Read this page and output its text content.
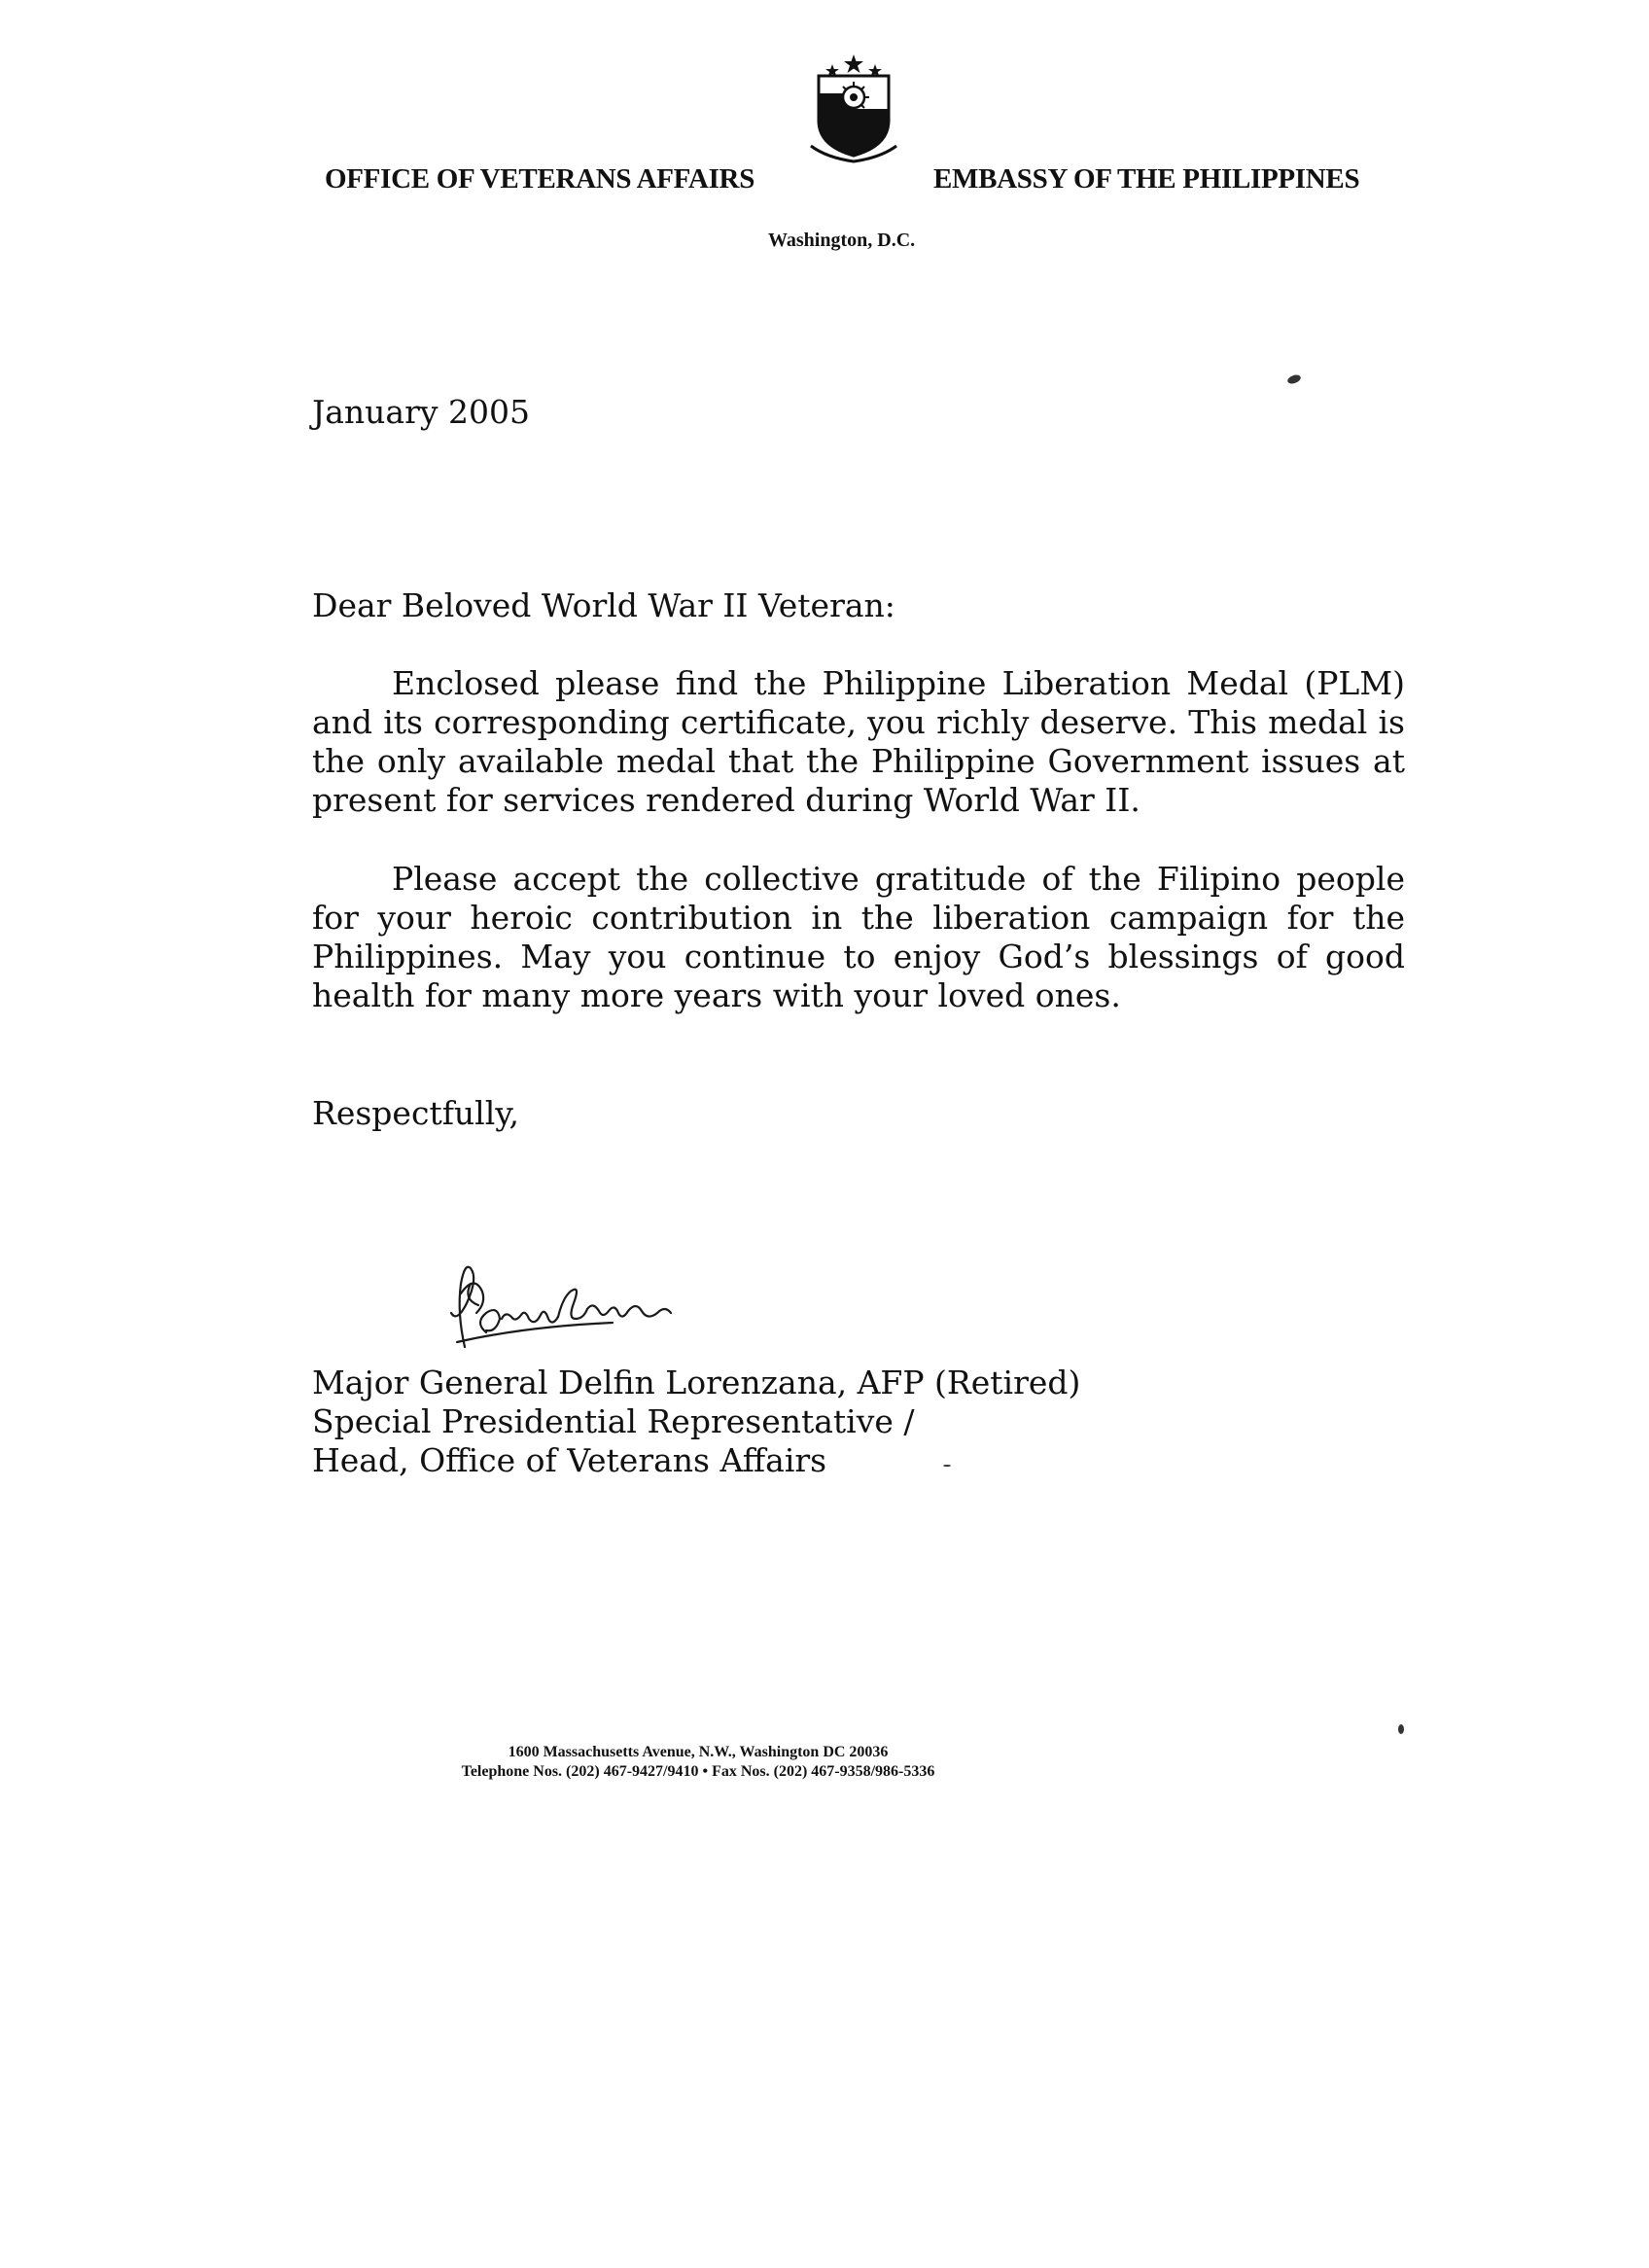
OFFICE OF VETERANS AFFAIRS	EMBASSY OF THE PHILIPPINES
Washington, D.C.
January 2005
Dear Beloved World War II Veteran:

Enclosed please find the Philippine Liberation Medal (PLM) and its corresponding certificate, you richly deserve. This medal is the only available medal that the Philippine Government issues at present for services rendered during World War II.

Please accept the collective gratitude of the Filipino people for your heroic contribution in the liberation campaign for the Philippines. May you continue to enjoy God’s blessings of good health for many more years with your loved ones.

Respectfully,
Major General Delfin Lorenzana, AFP (Retired)
Special Presidential Representative /
Head, Office of Veterans Affairs
1600 Massachusetts Avenue, N.W., Washington DC 20036
Telephone Nos. (202) 467-9427/9410 • Fax Nos. (202) 467-9358/986-5336
